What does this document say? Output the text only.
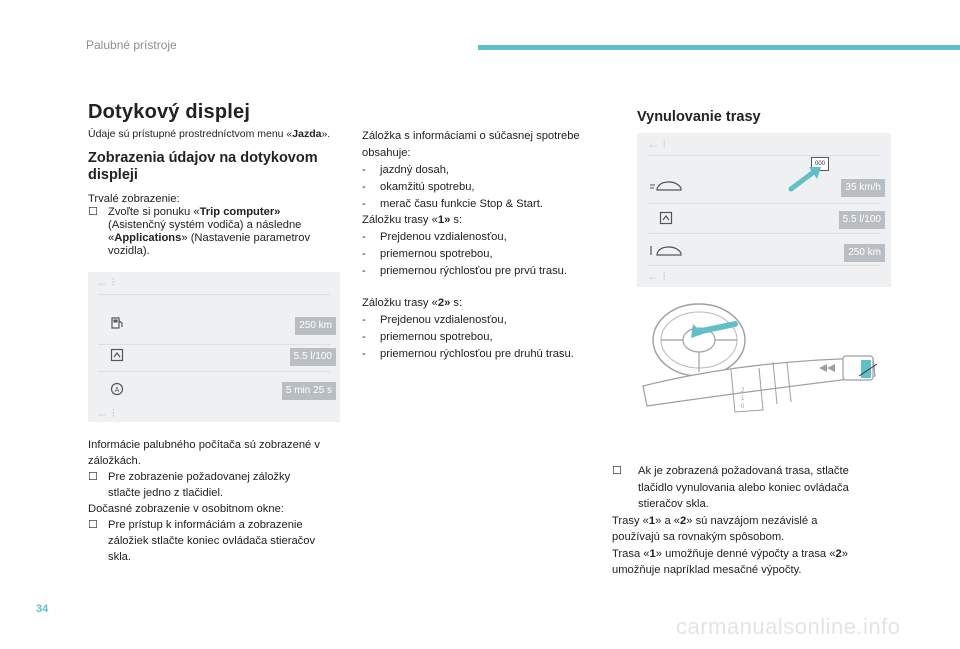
Palubné prístroje
Dotykový displej
Údaje sú prístupné prostredníctvom menu «Jazda».
Zobrazenia údajov na dotykovom
displeji

Trvalé zobrazenie:

☐ Zvoľte si ponuku «Trip computer»
(Asistenčný systém vodiča) a následne
«Applications» (Nastavenie parametrov
vozidla).
← ⁝
250 km
5.5 l/100
A	5 min 25 s
← ⁝

Informácie palubného počítača sú zobrazené v

záložkách.

☐ Pre zobrazenie požadovanej záložky
stlačte jedno z tlačidiel.

Dočasné zobrazenie v osobitnom okne:

☐ Pre prístup k informáciám a zobrazenie
záložiek stlačte koniec ovládača stieračov
skla.

Záložka s informáciami o súčasnej spotrebe

obsahuje:

- jazdný dosah,
- okamžitú spotrebu,
- merač času funkcie Stop & Start.

Záložku trasy «1» s:

- Prejdenou vzdialenosťou,
- priemernou spotrebou,
- priemernou rýchlosťou pre prvú trasu.

Záložku trasy «2» s:

- Prejdenou vzdialenosťou,
- priemernou spotrebou,
- priemernou rýchlosťou pre druhú trasu.
Vynulovanie trasy
← ⁝
000
35 km/h
5.5 l/100
250 km
← ⁝
2
1
0
☐ Ak je zobrazená požadovaná trasa, stlačte
tlačidlo vynulovania alebo koniec ovládača
stieračov skla.

Trasy «1» a «2» sú navzájom nezávislé a

používajú sa rovnakým spôsobom.

Trasa «1» umožňuje denné výpočty a trasa «2»

umožňuje napríklad mesačné výpočty.

34
carmanualsonline.info
